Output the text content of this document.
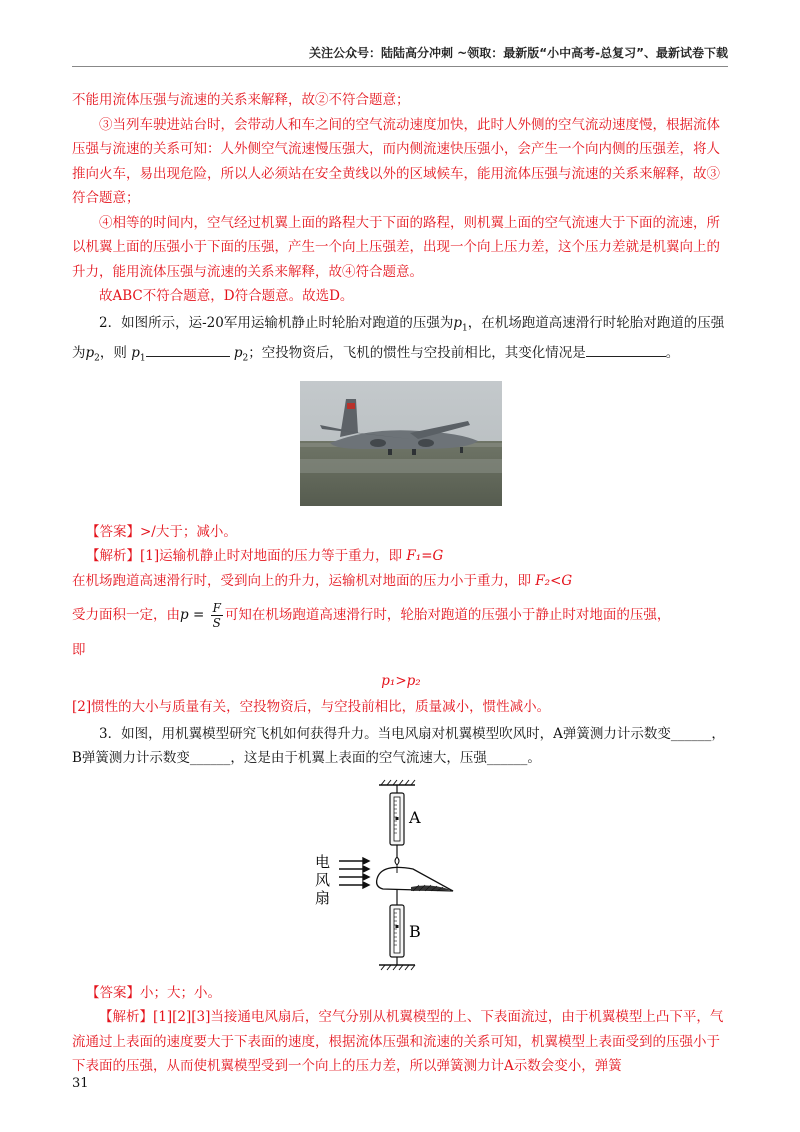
关注公众号：陆陆高分冲刺 ~领取：最新版“小中高考-总复习”、最新试卷下载

不能用流体压强与流速的关系来解释，故②不符合题意；

③当列车驶进站台时，会带动人和车之间的空气流动速度加快，此时人外侧的空气流动速度慢，根据流体压强与流速的关系可知：人外侧空气流速慢压强大，而内侧流速快压强小，会产生一个向内侧的压强差，将人推向火车，易出现危险，所以人必须站在安全黄线以外的区域候车，能用流体压强与流速的关系来解释，故③符合题意；

④相等的时间内，空气经过机翼上面的路程大于下面的路程，则机翼上面的空气流速大于下面的流速，所以机翼上面的压强小于下面的压强，产生一个向上压强差，出现一个向上压力差，这个压力差就是机翼向上的升力，能用流体压强与流速的关系来解释，故④符合题意。

故ABC不符合题意，D符合题意。故选D。

2．如图所示，运-20军用运输机静止时轮胎对跑道的压强为$p_1$，在机场跑道高速滑行时轮胎对跑道的压强为$p_2$，则 $p_1$	$p_2$；空投物资后，飞机的惯性与空投前相比，其变化情况是	。

【答案】>/大于；减小。

【解析】[1]运输机静止时对地面的压力等于重力，即 F₁=G

在机场跑道高速滑行时，受到向上的升力，运输机对地面的压力小于重力，即 F₂<G

受力面积一定，由$p = \frac{F}{S}$ 可知在机场跑道高速滑行时，轮胎对跑道的压强小于静止时对地面的压强，

即

p₁>p₂

[2]惯性的大小与质量有关，空投物资后，与空投前相比，质量减小，惯性减小。

3．如图，用机翼模型研究飞机如何获得升力。当电风扇对机翼模型吹风时，A弹簧测力计示数变______，B弹簧测力计示数变______，这是由于机翼上表面的空气流速大，压强______。

A
电
风
扇
B

【答案】小；大；小。

【解析】[1][2][3]当接通电风扇后，空气分别从机翼模型的上、下表面流过，由于机翼模型上凸下平，气流通过上表面的速度要大于下表面的速度，根据流体压强和流速的关系可知，机翼模型上表面受到的压强小于下表面的压强，从而使机翼模型受到一个向上的压力差，所以弹簧测力计A示数会变小，弹簧

31
